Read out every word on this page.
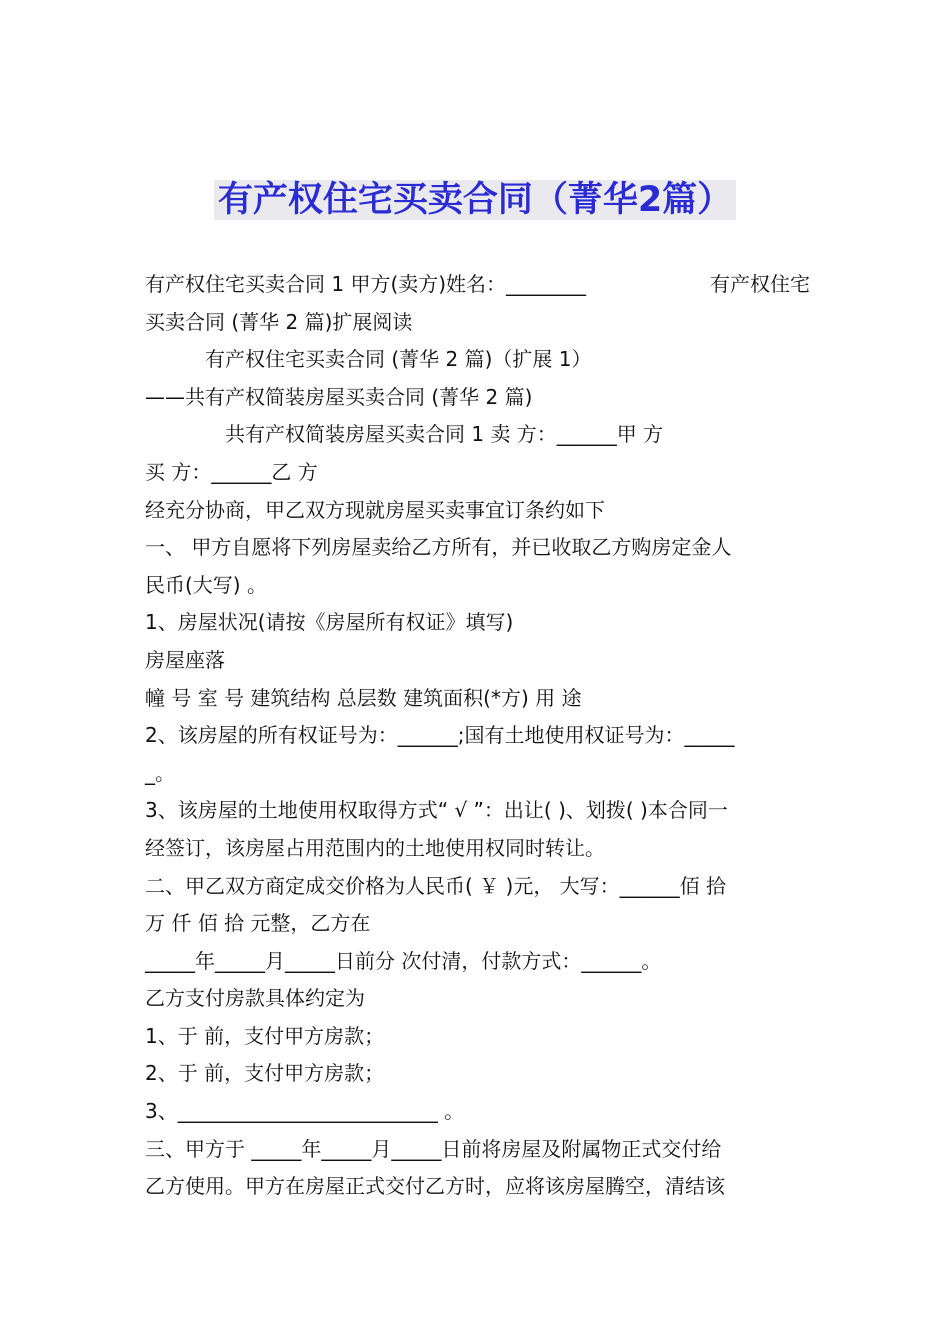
有产权住宅买卖合同（菁华2篇）
有产权住宅买卖合同 1 甲方(卖方)姓名：________	有产权住宅
买卖合同 (菁华 2 篇)扩展阅读
有产权住宅买卖合同 (菁华 2 篇)（扩展 1）
——共有产权简装房屋买卖合同 (菁华 2 篇)
共有产权简装房屋买卖合同 1 卖 方：______甲 方
买 方：______乙 方
经充分协商，甲乙双方现就房屋买卖事宜订条约如下
一、 甲方自愿将下列房屋卖给乙方所有，并已收取乙方购房定金人
民币(大写) 。
1、房屋状况(请按《房屋所有权证》填写)
房屋座落
幢 号 室 号 建筑结构 总层数 建筑面积(*方) 用 途
2、该房屋的所有权证号为：______;国有土地使用权证号为：_____
_。
3、该房屋的土地使用权取得方式“ √ ”：出让( )、划拨( )本合同一
经签订，该房屋占用范围内的土地使用权同时转让。
二、甲乙双方商定成交价格为人民币( ￥ )元， 大写：______佰 拾
万 仟 佰 拾 元整，乙方在
_____年_____月_____日前分 次付清，付款方式：______。
乙方支付房款具体约定为
1、于 前，支付甲方房款；
2、于 前，支付甲方房款；
3、__________________________ 。
三、甲方于 _____年_____月_____日前将房屋及附属物正式交付给
乙方使用。甲方在房屋正式交付乙方时，应将该房屋腾空，清结该
